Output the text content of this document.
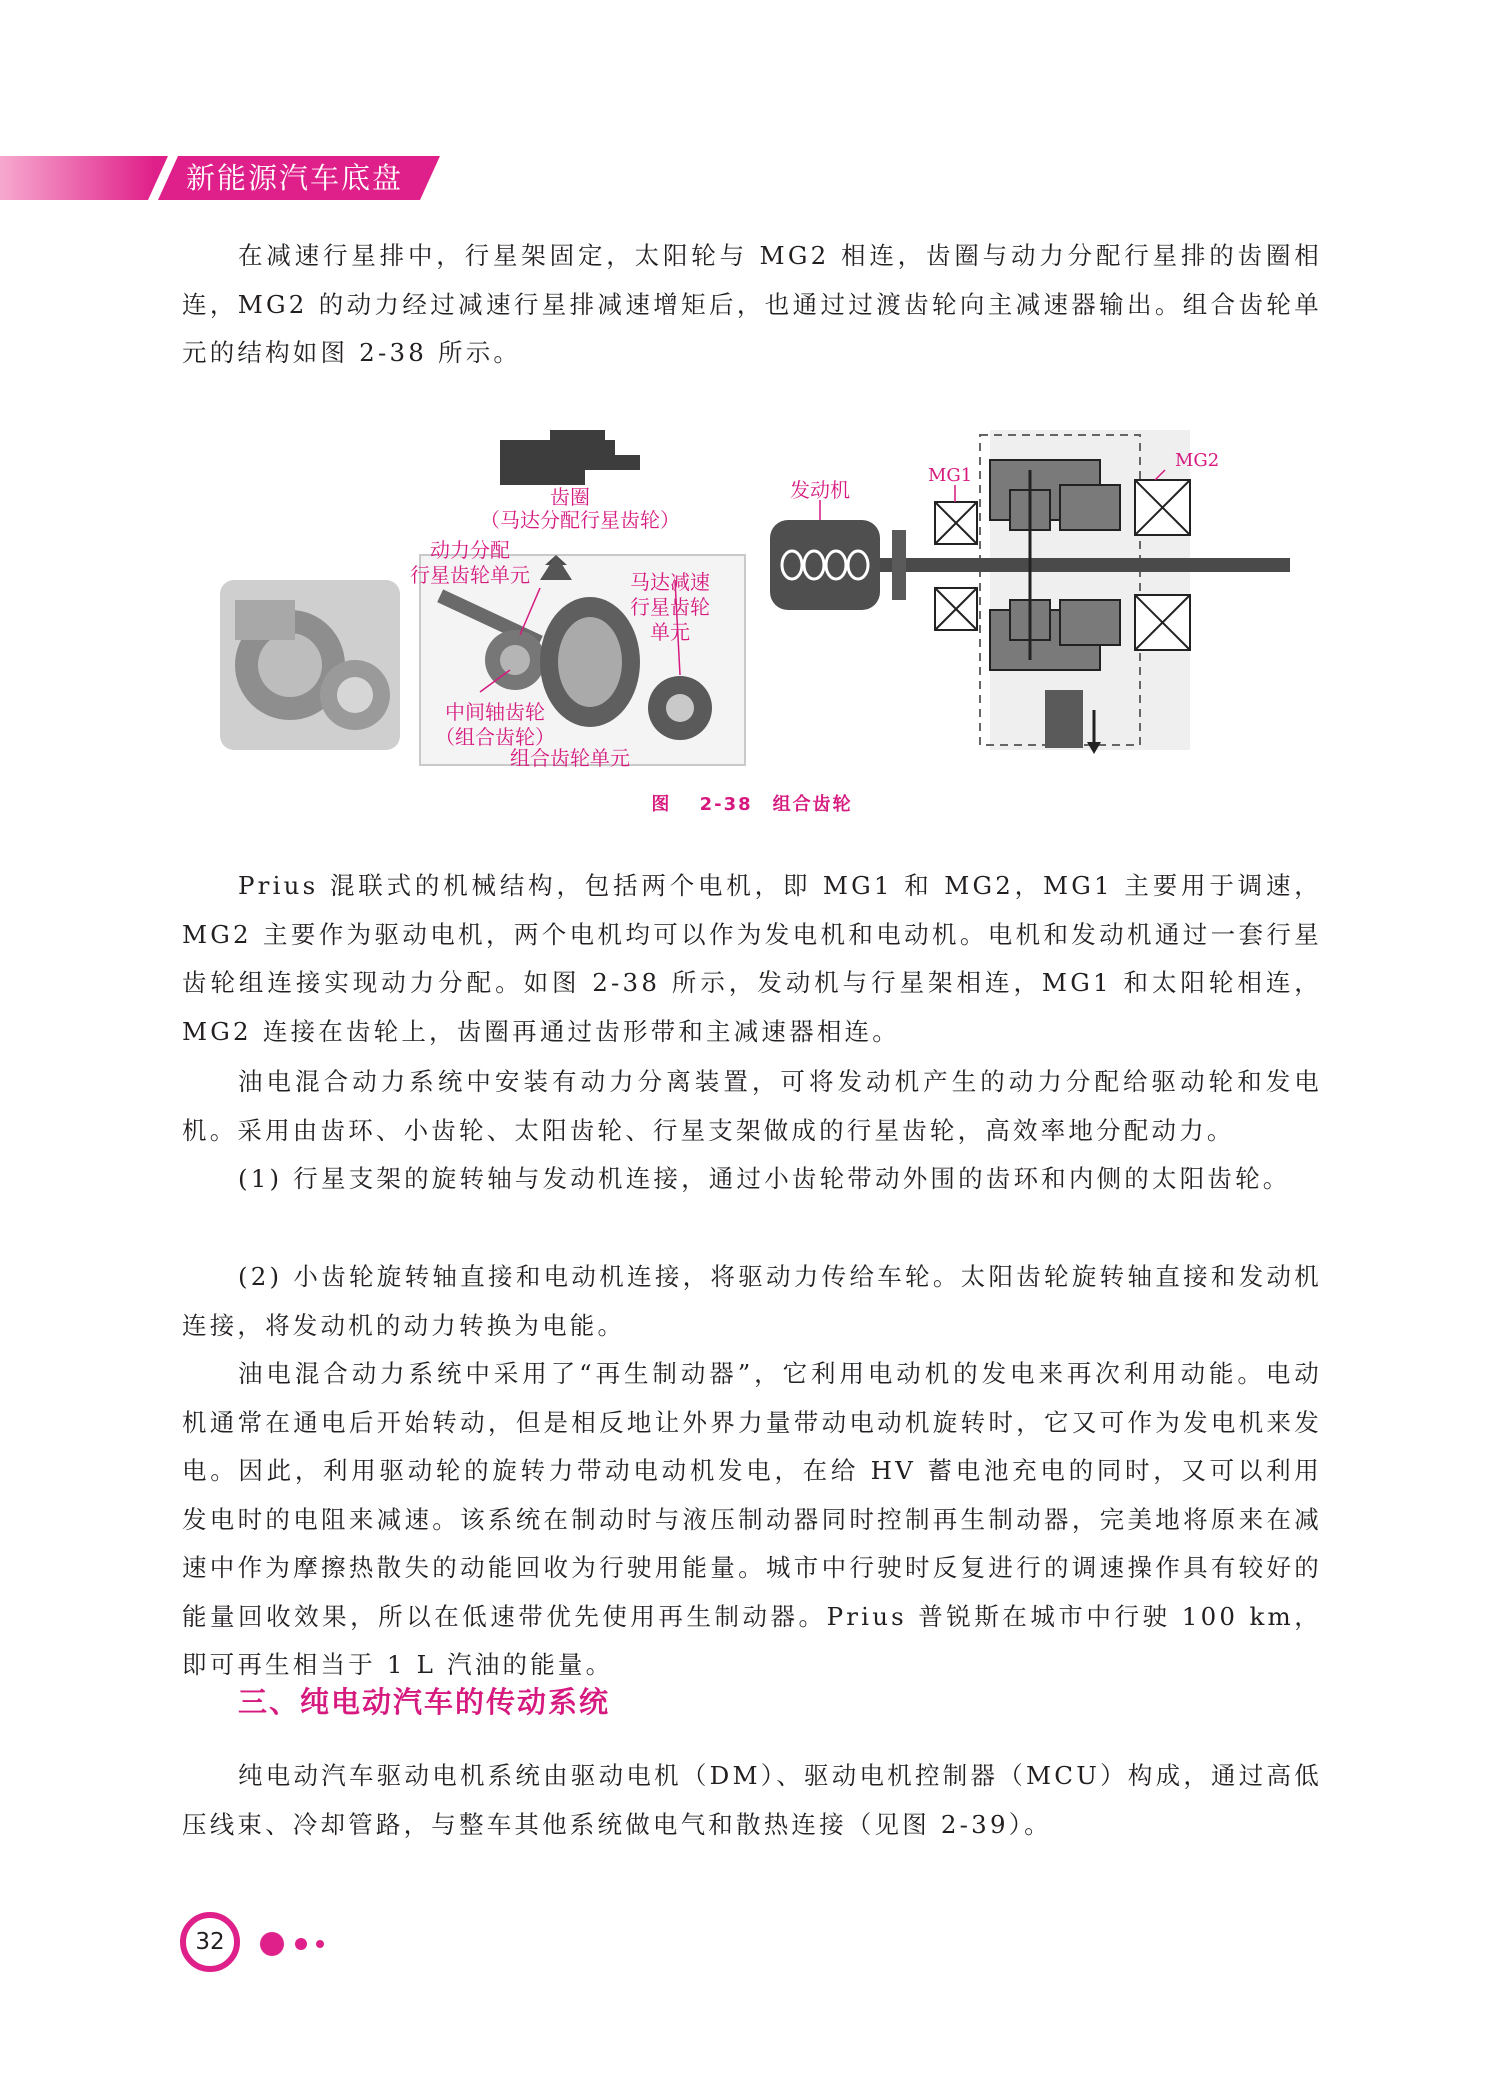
新能源汽车底盘
在减速行星排中，行星架固定，太阳轮与 MG2 相连，齿圈与动力分配行星排的齿圈相连，MG2 的动力经过减速行星排减速增矩后，也通过过渡齿轮向主减速器输出。组合齿轮单元的结构如图 2-38 所示。
齿圈
（马达分配行星齿轮）
动力分配
行星齿轮单元	马达减速
行星齿轮
单元
中间轴齿轮
（组合齿轮）
组合齿轮单元
发动机
MG1
MG2
图 2-38　组合齿轮
Prius 混联式的机械结构，包括两个电机，即 MG1 和 MG2，MG1 主要用于调速，MG2 主要作为驱动电机，两个电机均可以作为发电机和电动机。电机和发动机通过一套行星齿轮组连接实现动力分配。如图 2-38 所示，发动机与行星架相连，MG1 和太阳轮相连，MG2 连接在齿轮上，齿圈再通过齿形带和主减速器相连。
油电混合动力系统中安装有动力分离装置，可将发动机产生的动力分配给驱动轮和发电机。采用由齿环、小齿轮、太阳齿轮、行星支架做成的行星齿轮，高效率地分配动力。
(1) 行星支架的旋转轴与发动机连接，通过小齿轮带动外围的齿环和内侧的太阳齿轮。
(2) 小齿轮旋转轴直接和电动机连接，将驱动力传给车轮。太阳齿轮旋转轴直接和发动机连接，将发动机的动力转换为电能。
油电混合动力系统中采用了“再生制动器”，它利用电动机的发电来再次利用动能。电动机通常在通电后开始转动，但是相反地让外界力量带动电动机旋转时，它又可作为发电机来发电。因此，利用驱动轮的旋转力带动电动机发电，在给 HV 蓄电池充电的同时，又可以利用发电时的电阻来减速。该系统在制动时与液压制动器同时控制再生制动器，完美地将原来在减速中作为摩擦热散失的动能回收为行驶用能量。城市中行驶时反复进行的调速操作具有较好的能量回收效果，所以在低速带优先使用再生制动器。Prius 普锐斯在城市中行驶 100 km，即可再生相当于 1 L 汽油的能量。
三、纯电动汽车的传动系统
纯电动汽车驱动电机系统由驱动电机（DM）、驱动电机控制器（MCU）构成，通过高低压线束、冷却管路，与整车其他系统做电气和散热连接（见图 2-39）。
32
